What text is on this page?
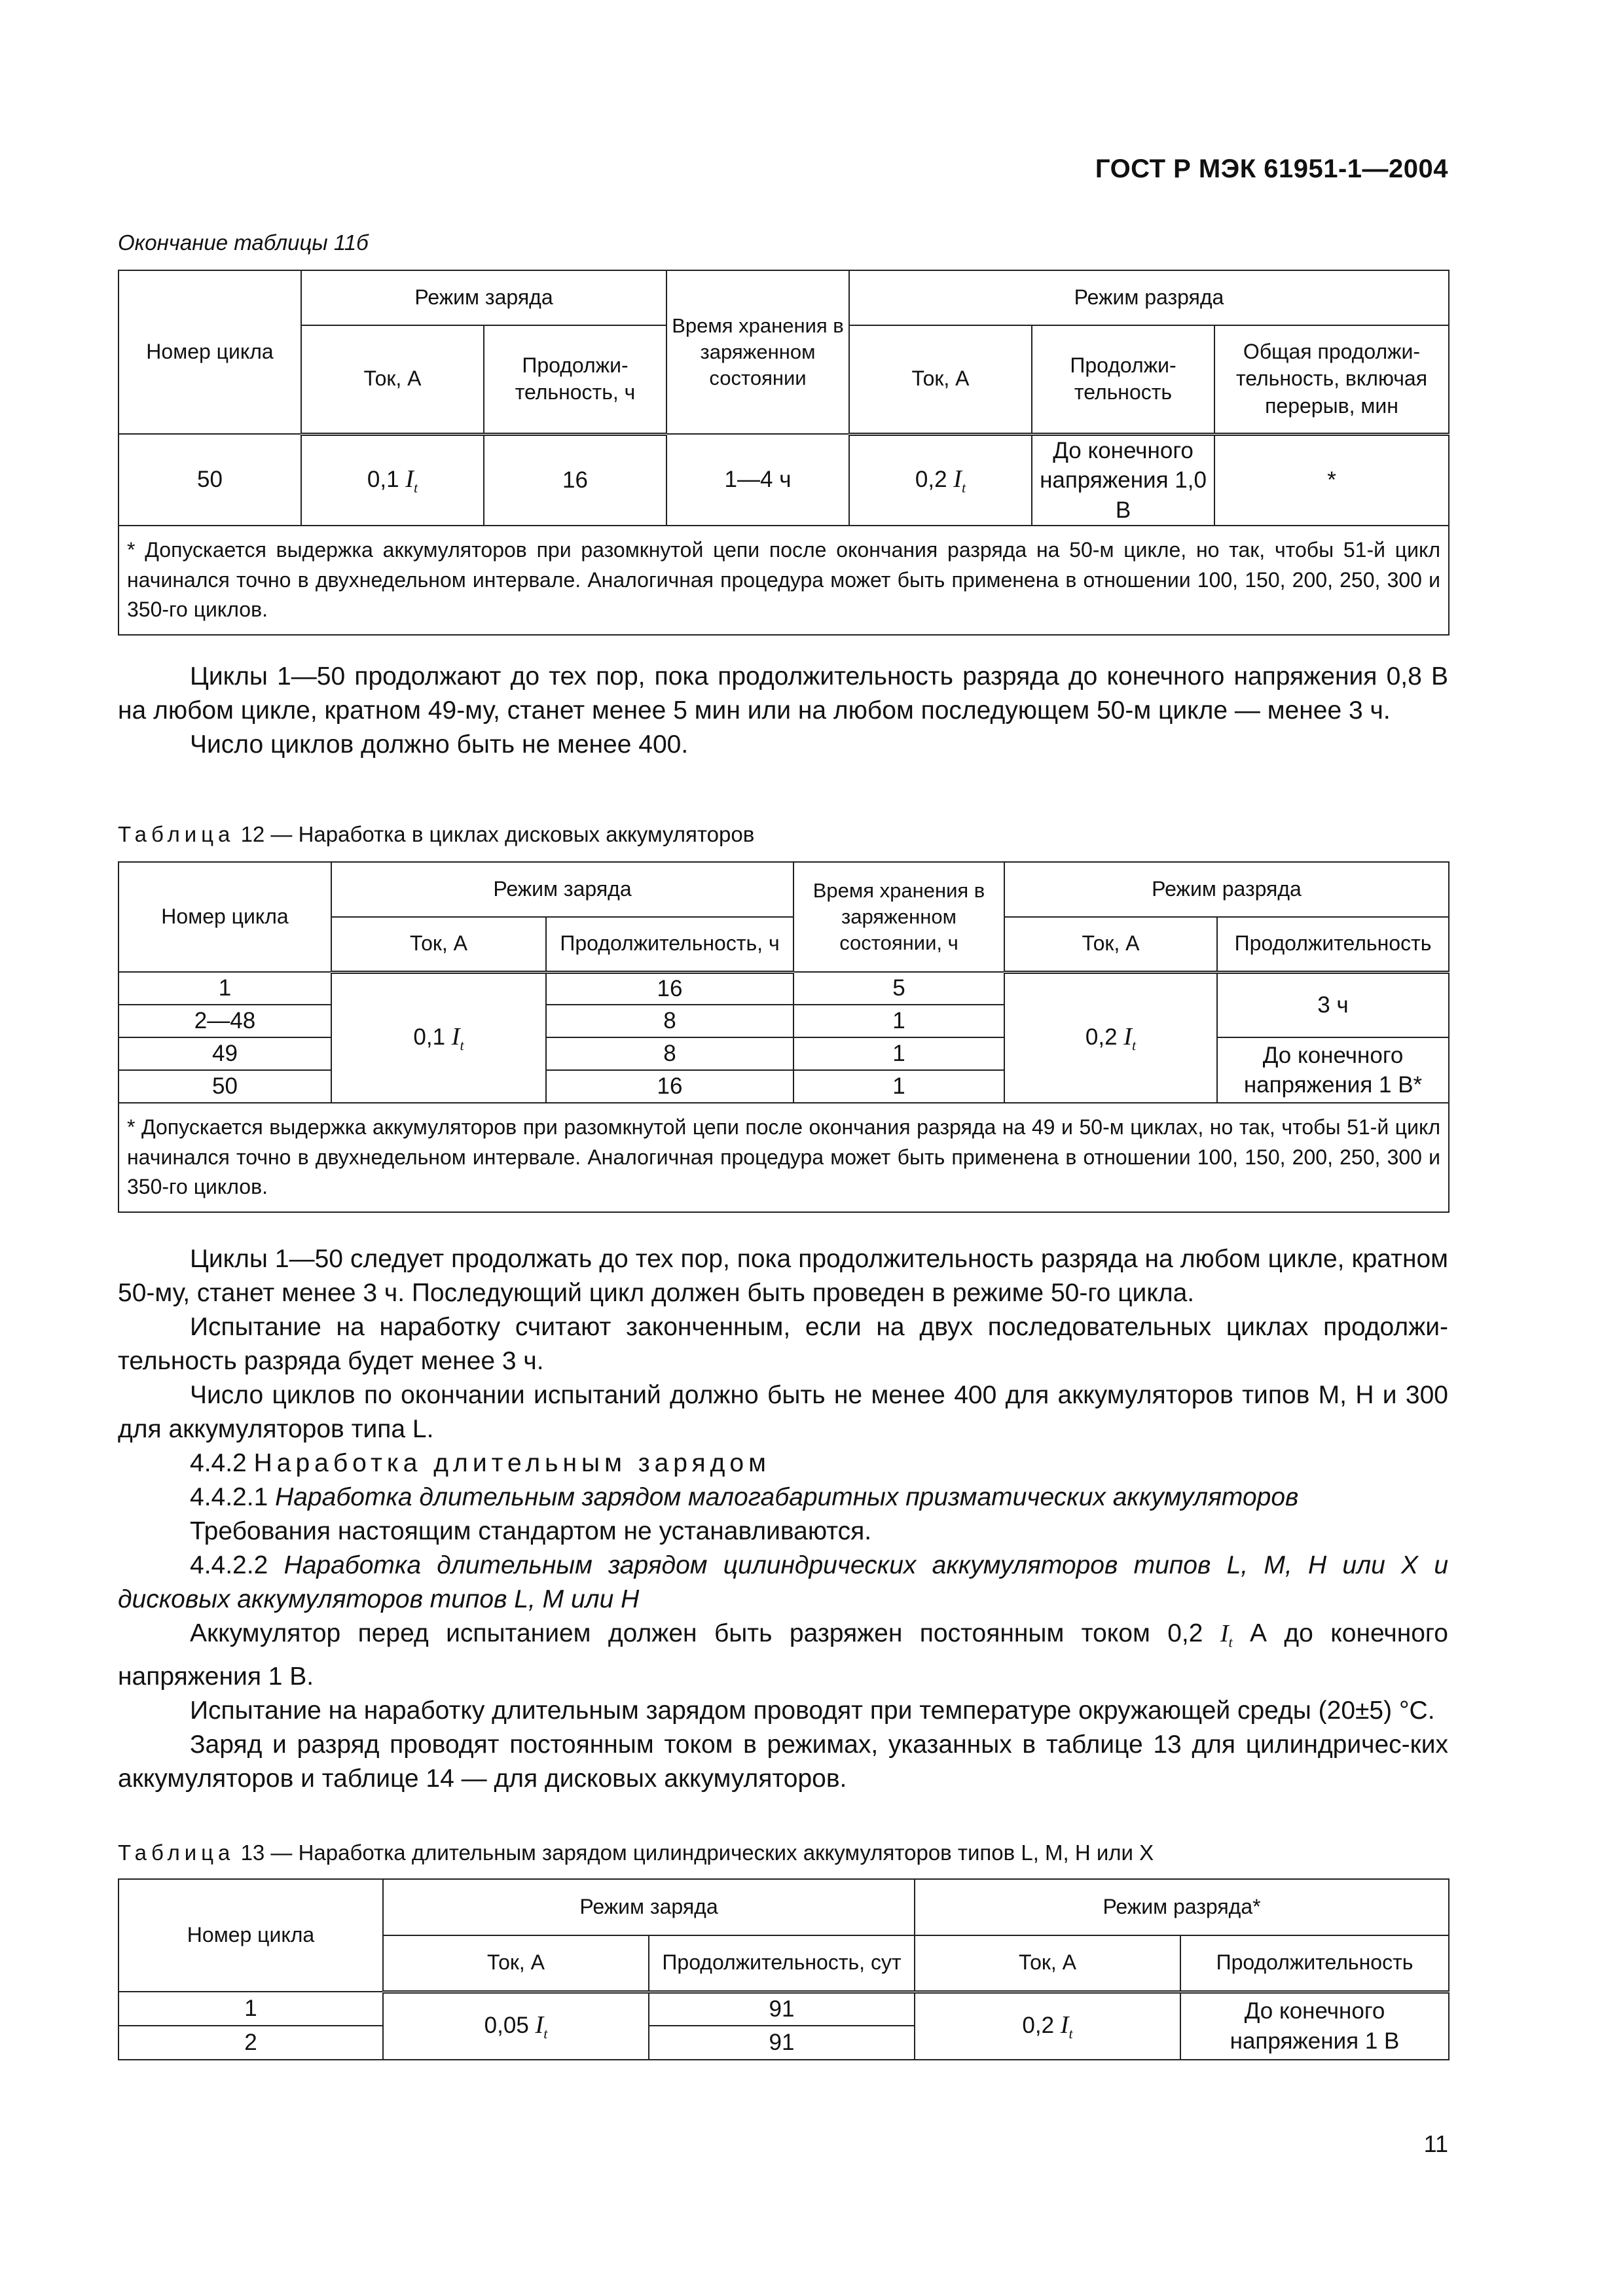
ГОСТ Р МЭК 61951-1—2004
Окончание таблицы 11б
Номер цикла	Режим заряда		Время хранения в заряженном состоянии	Режим разряда		
	Ток, А	Продолжи-тельность, ч		Ток, А	Продолжи-тельность	Общая продолжи-тельность, включая перерыв, мин
50	0,1 $I_t$	16	1—4 ч	0,2 $I_t$	До конечного напряжения 1,0 В	*
* Допускается выдержка аккумуляторов при разомкнутой цепи после окончания разряда на 50-м цикле, но так, чтобы 51-й цикл начинался точно в двухнедельном интервале. Аналогичная процедура может быть применена в отношении 100, 150, 200, 250, 300 и 350-го циклов.						

Циклы 1—50 продолжают до тех пор, пока продолжительность разряда до конечного напряжения 0,8 В на любом цикле, кратном 49-му, станет менее 5 мин или на любом последующем 50-м цикле — менее 3 ч.

Число циклов должно быть не менее 400.

Таблица 12 — Наработка в циклах дисковых аккумуляторов
Номер цикла	Режим заряда		Время хранения в заряженном состоянии, ч	Режим разряда	
	Ток, А	Продолжительность, ч		Ток, А	Продолжительность
1	0,1 $I_t$	16	5	0,2 $I_t$	3 ч
2—48		8	1		
49		8	1		До конечного напряжения 1 В*
50		16	1		
* Допускается выдержка аккумуляторов при разомкнутой цепи после окончания разряда на 49 и 50-м циклах, но так, чтобы 51-й цикл начинался точно в двухнедельном интервале. Аналогичная процедура может быть применена в отношении 100, 150, 200, 250, 300 и 350-го циклов.					

Циклы 1—50 следует продолжать до тех пор, пока продолжительность разряда на любом цикле, кратном 50-му, станет менее 3 ч. Последующий цикл должен быть проведен в режиме 50-го цикла.

Испытание на наработку считают законченным, если на двух последовательных циклах продолжи-тельность разряда будет менее 3 ч.

Число циклов по окончании испытаний должно быть не менее 400 для аккумуляторов типов M, H и 300 для аккумуляторов типа L.

4.4.2 Наработка длительным зарядом

4.4.2.1 Наработка длительным зарядом малогабаритных призматических аккумуляторов

Требования настоящим стандартом не устанавливаются.

4.4.2.2 Наработка длительным зарядом цилиндрических аккумуляторов типов L, M, H или X и дисковых аккумуляторов типов L, M или H

Аккумулятор перед испытанием должен быть разряжен постоянным током 0,2 $I_t$ А до конечного напряжения 1 В.

Испытание на наработку длительным зарядом проводят при температуре окружающей среды (20±5) °С.

Заряд и разряд проводят постоянным током в режимах, указанных в таблице 13 для цилиндричес-ких аккумуляторов и таблице 14 — для дисковых аккумуляторов.

Таблица 13 — Наработка длительным зарядом цилиндрических аккумуляторов типов L, M, H или X
Номер цикла	Режим заряда		Режим разряда*	
	Ток, А	Продолжительность, сут	Ток, А	Продолжительность
1	0,05 $I_t$	91	0,2 $I_t$	До конечного напряжения 1 В
2		91		
11
